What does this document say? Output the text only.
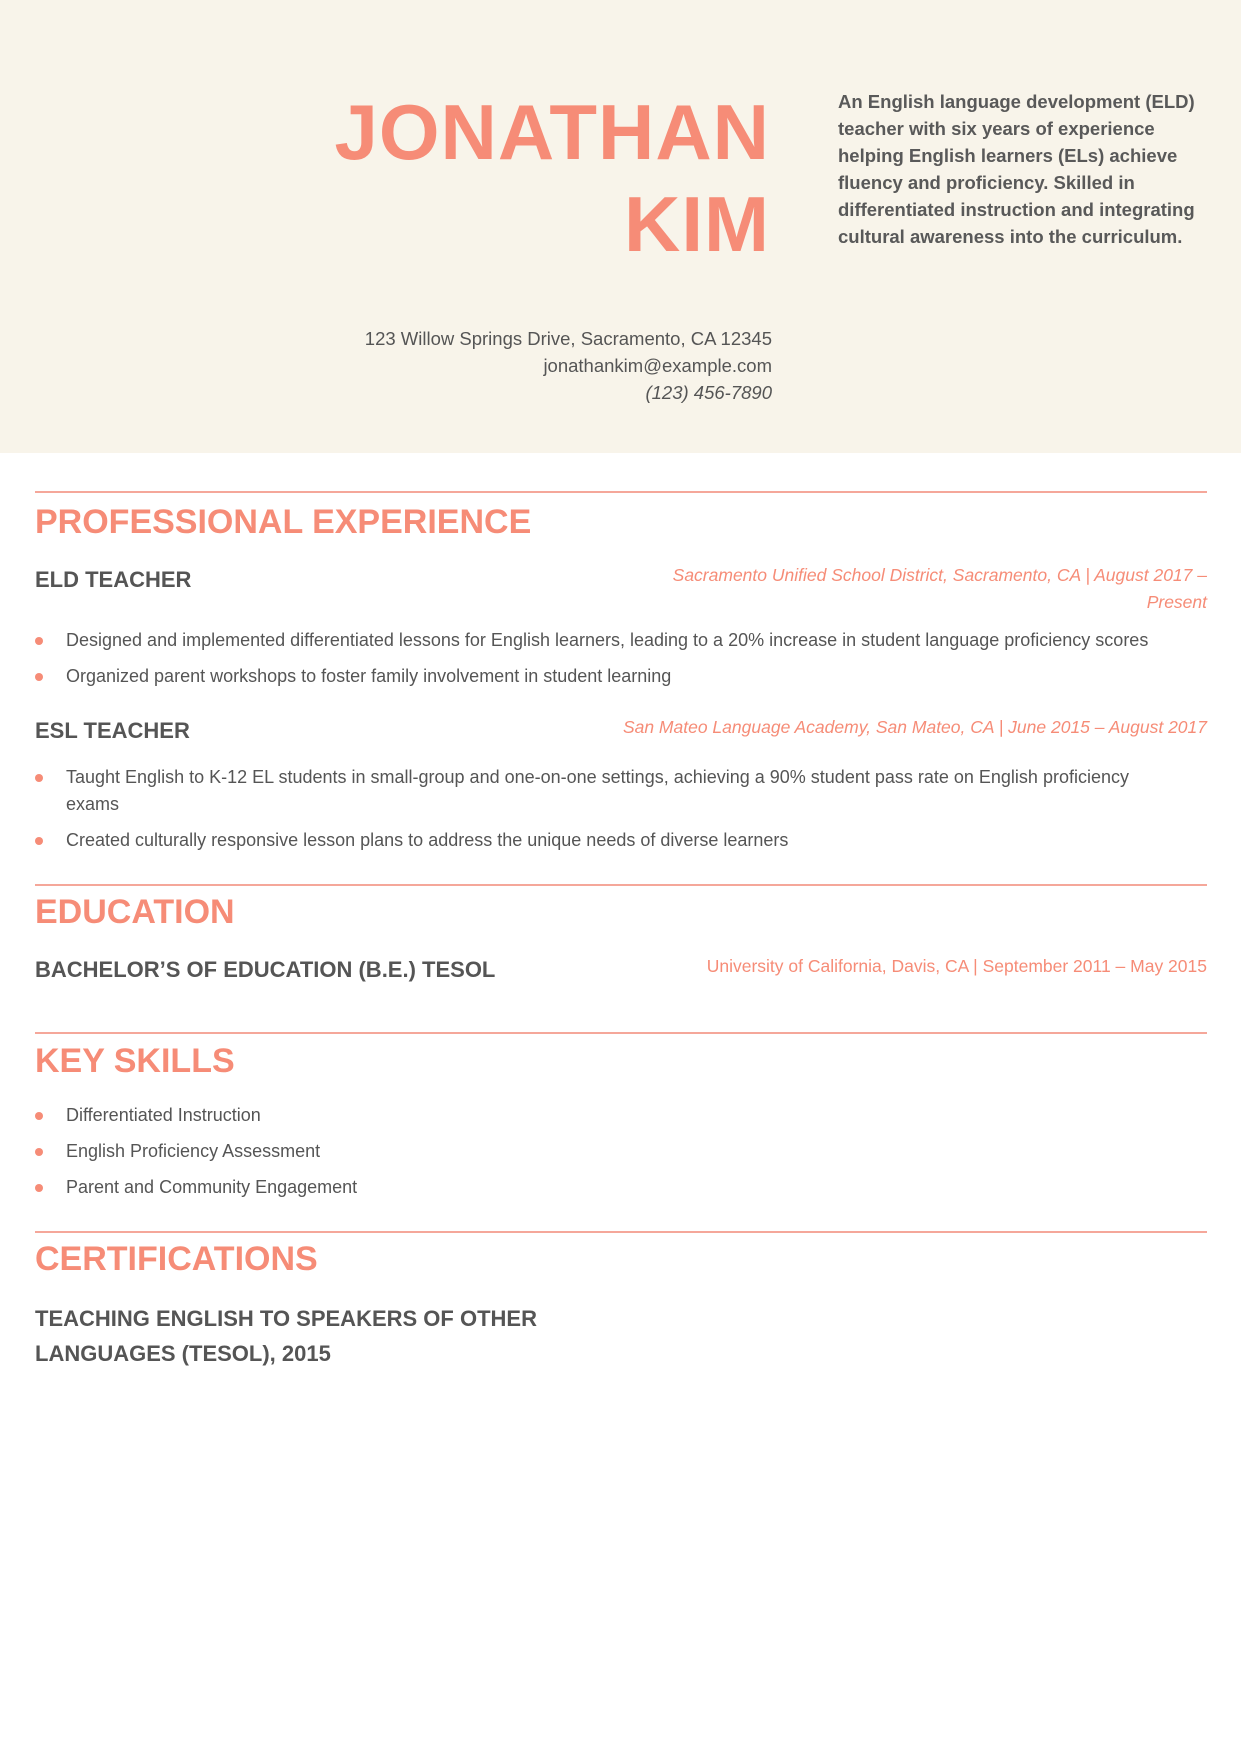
JONATHAN
KIM
An English language development (ELD) teacher with six years of experience helping English learners (ELs) achieve fluency and proficiency. Skilled in differentiated instruction and integrating cultural awareness into the curriculum.
123 Willow Springs Drive, Sacramento, CA 12345
jonathankim@example.com
(123) 456-7890
PROFESSIONAL EXPERIENCE
ELD TEACHER	Sacramento Unified School District, Sacramento, CA | August 2017 –
Present
Designed and implemented differentiated lessons for English learners, leading to a 20% increase in student language proficiency scores
Organized parent workshops to foster family involvement in student learning
ESL TEACHER	San Mateo Language Academy, San Mateo, CA | June 2015 – August 2017
Taught English to K-12 EL students in small-group and one-on-one settings, achieving a 90% student pass rate on English proficiency exams
Created culturally responsive lesson plans to address the unique needs of diverse learners
EDUCATION
BACHELOR’S OF EDUCATION (B.E.) TESOL	University of California, Davis, CA | September 2011 – May 2015
KEY SKILLS
Differentiated Instruction
English Proficiency Assessment
Parent and Community Engagement
CERTIFICATIONS
TEACHING ENGLISH TO SPEAKERS OF OTHER
LANGUAGES (TESOL), 2015
